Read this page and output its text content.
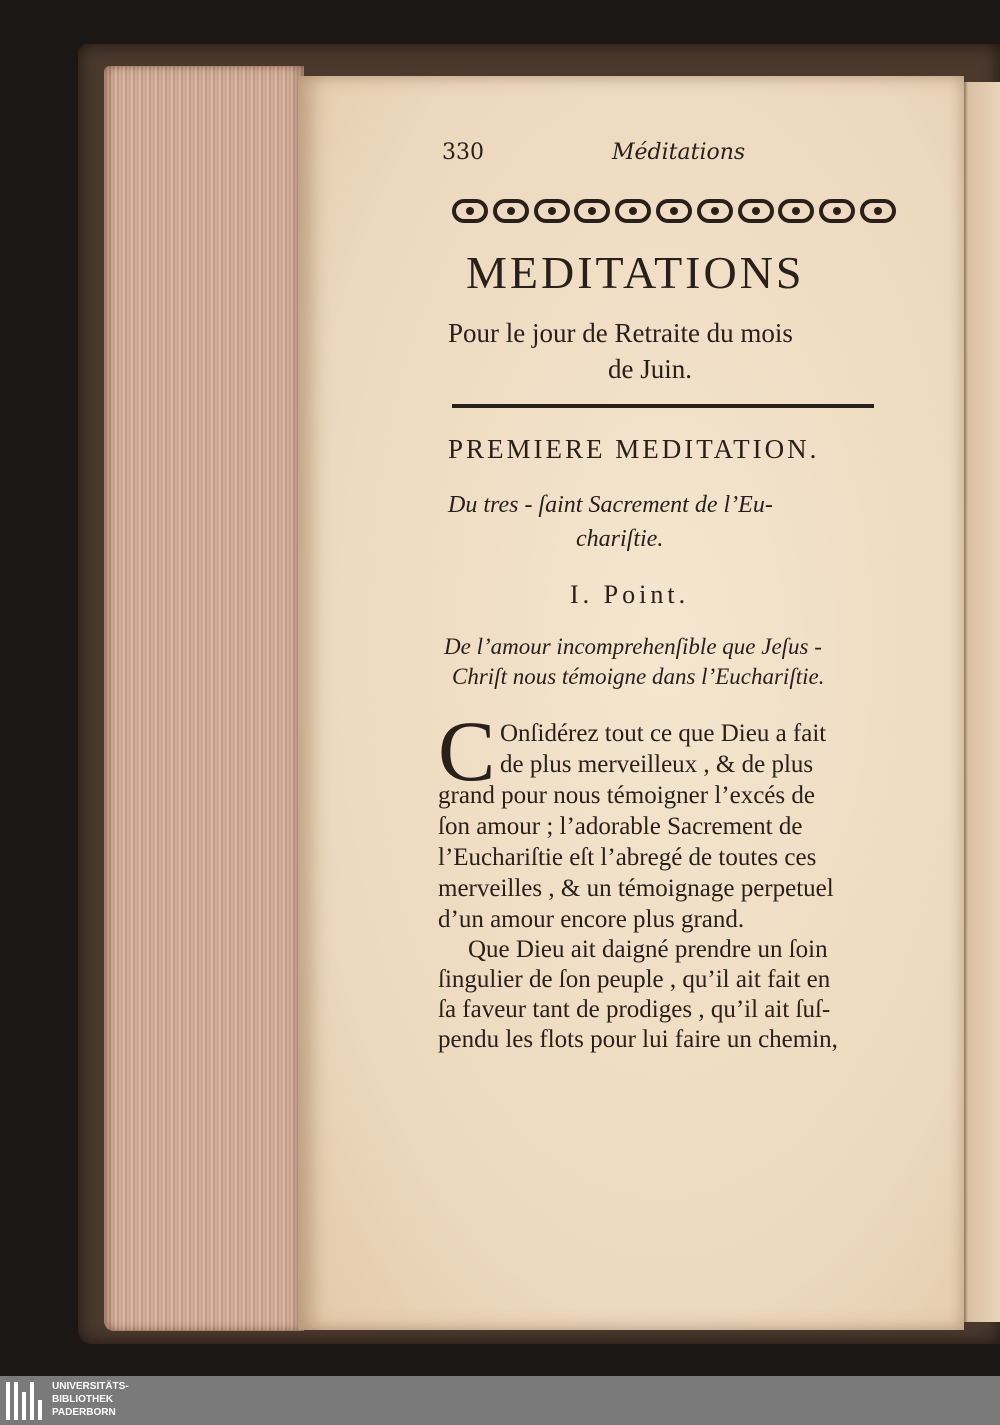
330	Méditations
MEDITATIONS
Pour le jour de Retraite du mois
de Juin.
PREMIERE MEDITATION.
Du tres - ſaint Sacrement de l’Eu-
chariſtie.
I. Point.
De l’amour incomprehenſible que Jeſus -
Chriſt nous témoigne dans l’Euchariſtie.
C Onſidérez tout ce que Dieu a fait
de plus merveilleux , & de plus
grand pour nous témoigner l’excés de
ſon amour ; l’adorable Sacrement de
l’Euchariſtie eſt l’abregé de toutes ces
merveilles , & un témoignage perpetuel
d’un amour encore plus grand.
Que Dieu ait daigné prendre un ſoin
ſingulier de ſon peuple , qu’il ait fait en
ſa faveur tant de prodiges , qu’il ait ſuſ-
pendu les flots pour lui faire un chemin,
UNIVERSITÄTS-
BIBLIOTHEK
PADERBORN
